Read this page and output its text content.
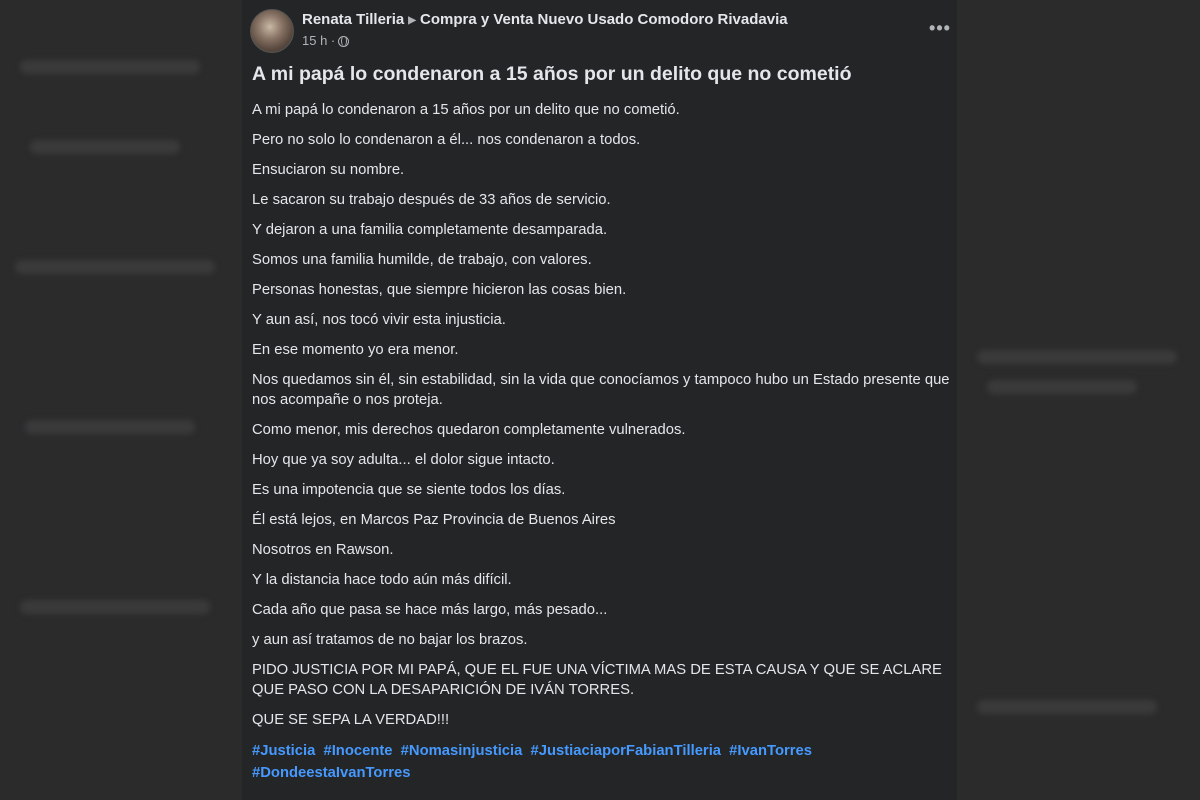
Renata Tilleria ▶ Compra y Venta Nuevo Usado Comodoro Rivadavia
15 h ·
•••
A mi papá lo condenaron a 15 años por un delito que no cometió

A mi papá lo condenaron a 15 años por un delito que no cometió.

Pero no solo lo condenaron a él... nos condenaron a todos.

Ensuciaron su nombre.

Le sacaron su trabajo después de 33 años de servicio.

Y dejaron a una familia completamente desamparada.

Somos una familia humilde, de trabajo, con valores.

Personas honestas, que siempre hicieron las cosas bien.

Y aun así, nos tocó vivir esta injusticia.

En ese momento yo era menor.

Nos quedamos sin él, sin estabilidad, sin la vida que conocíamos y tampoco hubo un Estado presente que nos acompañe o nos proteja.

Como menor, mis derechos quedaron completamente vulnerados.

Hoy que ya soy adulta... el dolor sigue intacto.

Es una impotencia que se siente todos los días.

Él está lejos, en Marcos Paz Provincia de Buenos Aires

Nosotros en Rawson.

Y la distancia hace todo aún más difícil.

Cada año que pasa se hace más largo, más pesado...

y aun así tratamos de no bajar los brazos.

PIDO JUSTICIA POR MI PAPÁ, QUE EL FUE UNA VÍCTIMA MAS DE ESTA CAUSA Y QUE SE ACLARE QUE PASO CON LA DESAPARICIÓN DE IVÁN TORRES.

QUE SE SEPA LA VERDAD!!!

#Justicia #Inocente #Nomasinjusticia #JustiaciaporFabianTilleria #IvanTorres #DondeestaIvanTorres
